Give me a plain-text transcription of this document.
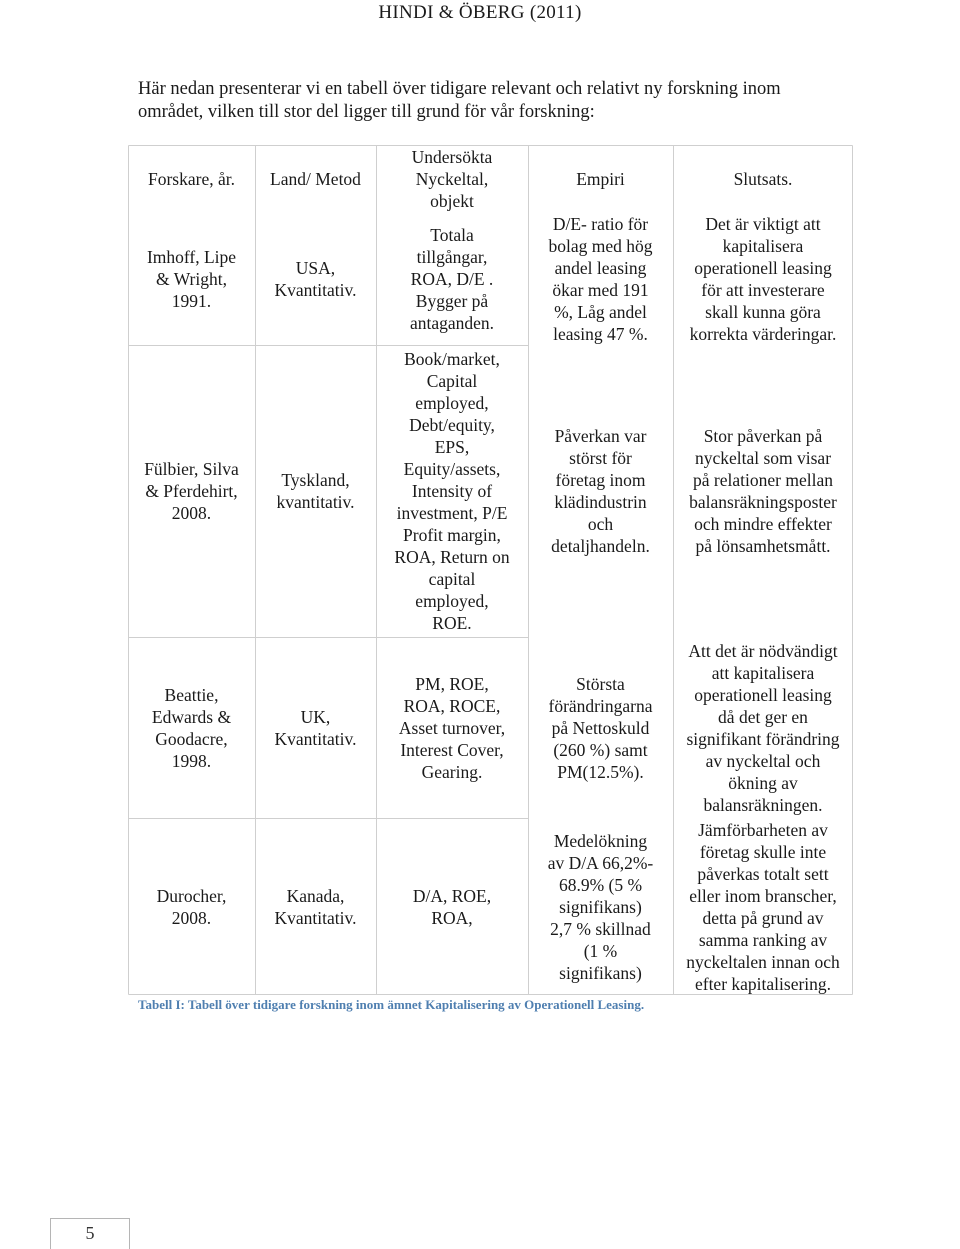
HINDI & ÖBERG (2011)
Här nedan presenterar vi en tabell över tidigare relevant och relativt ny forskning inom området, vilken till stor del ligger till grund för vår forskning:
Forskare, år.	Land/ Metod
Undersökta
Nyckeltal,
objekt
Empiri	Slutsats.
Imhoff, Lipe
& Wright,
1991.
USA,
Kvantitativ.
Totala
tillgångar,
ROA, D/E .
Bygger på
antaganden.
D/E- ratio för
bolag med hög
andel leasing
ökar med 191
%, Låg andel
leasing 47 %.
Det är viktigt att
kapitalisera
operationell leasing
för att investerare
skall kunna göra
korrekta värderingar.
Fülbier, Silva
& Pferdehirt,
2008.
Tyskland,
kvantitativ.
Book/market,
Capital
employed,
Debt/equity,
EPS,
Equity/assets,
Intensity of
investment, P/E
Profit margin,
ROA, Return on
capital
employed,
ROE.
Påverkan var
störst för
företag inom
klädindustrin
och
detaljhandeln.
Stor påverkan på
nyckeltal som visar
på relationer mellan
balansräkningsposter
och mindre effekter
på lönsamhetsmått.
Beattie,
Edwards &
Goodacre,
1998.
UK,
Kvantitativ.
PM, ROE,
ROA, ROCE,
Asset turnover,
Interest Cover,
Gearing.
Största
förändringarna
på Nettoskuld
(260 %) samt
PM(12.5%).
Att det är nödvändigt
att kapitalisera
operationell leasing
då det ger en
signifikant förändring
av nyckeltal och
ökning av
balansräkningen.
Durocher,
2008.
Kanada,
Kvantitativ.
D/A, ROE,
ROA,
Medelökning
av D/A 66,2%-
68.9% (5 %
signifikans)
2,7 % skillnad
(1 %
signifikans)
Jämförbarheten av
företag skulle inte
påverkas totalt sett
eller inom branscher,
detta på grund av
samma ranking av
nyckeltalen innan och
efter kapitalisering.
Tabell I: Tabell över tidigare forskning inom ämnet Kapitalisering av Operationell Leasing.
5
